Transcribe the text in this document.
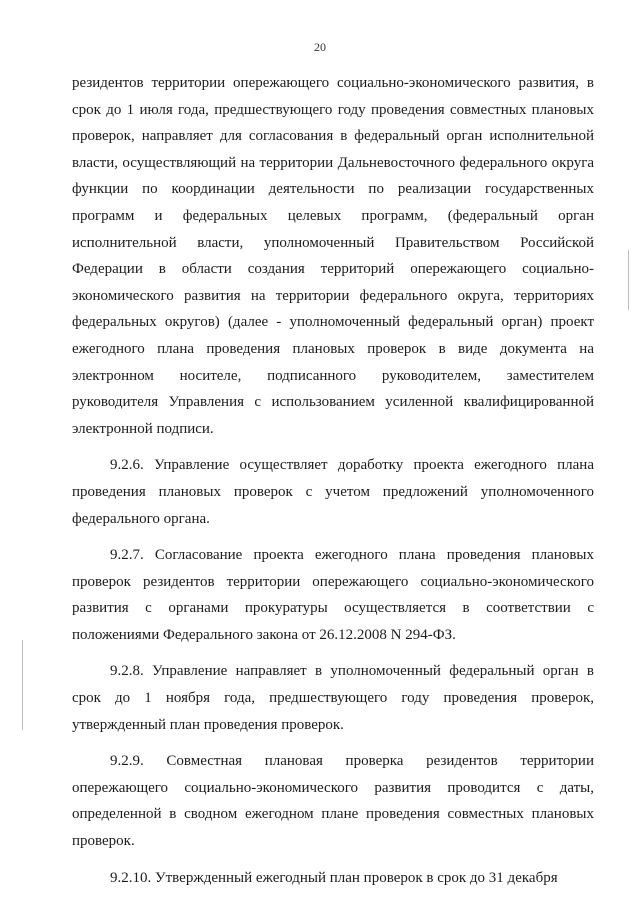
20

резидентов территории опережающего социально-экономического развития, в срок до 1 июля года, предшествующего году проведения совместных плановых проверок, направляет для согласования в федеральный орган исполнительной власти, осуществляющий на территории Дальневосточного федерального округа функции по координации деятельности по реализации государственных программ и федеральных целевых программ, (федеральный орган исполнительной власти, уполномоченный Правительством Российской Федерации в области создания территорий опережающего социально-экономического развития на территории федерального округа, территориях федеральных округов) (далее - уполномоченный федеральный орган) проект ежегодного плана проведения плановых проверок в виде документа на электронном носителе, подписанного руководителем, заместителем руководителя Управления с использованием усиленной квалифицированной электронной подписи.

9.2.6. Управление осуществляет доработку проекта ежегодного плана проведения плановых проверок с учетом предложений уполномоченного федерального органа.

9.2.7. Согласование проекта ежегодного плана проведения плановых проверок резидентов территории опережающего социально-экономического развития с органами прокуратуры осуществляется в соответствии с положениями Федерального закона от 26.12.2008 N 294-ФЗ.

9.2.8. Управление направляет в уполномоченный федеральный орган в срок до 1 ноября года, предшествующего году проведения проверок, утвержденный план проведения проверок.

9.2.9. Совместная плановая проверка резидентов территории опережающего социально-экономического развития проводится с даты, определенной в сводном ежегодном плане проведения совместных плановых проверок.

9.2.10. Утвержденный ежегодный план проверок в срок до 31 декабря
